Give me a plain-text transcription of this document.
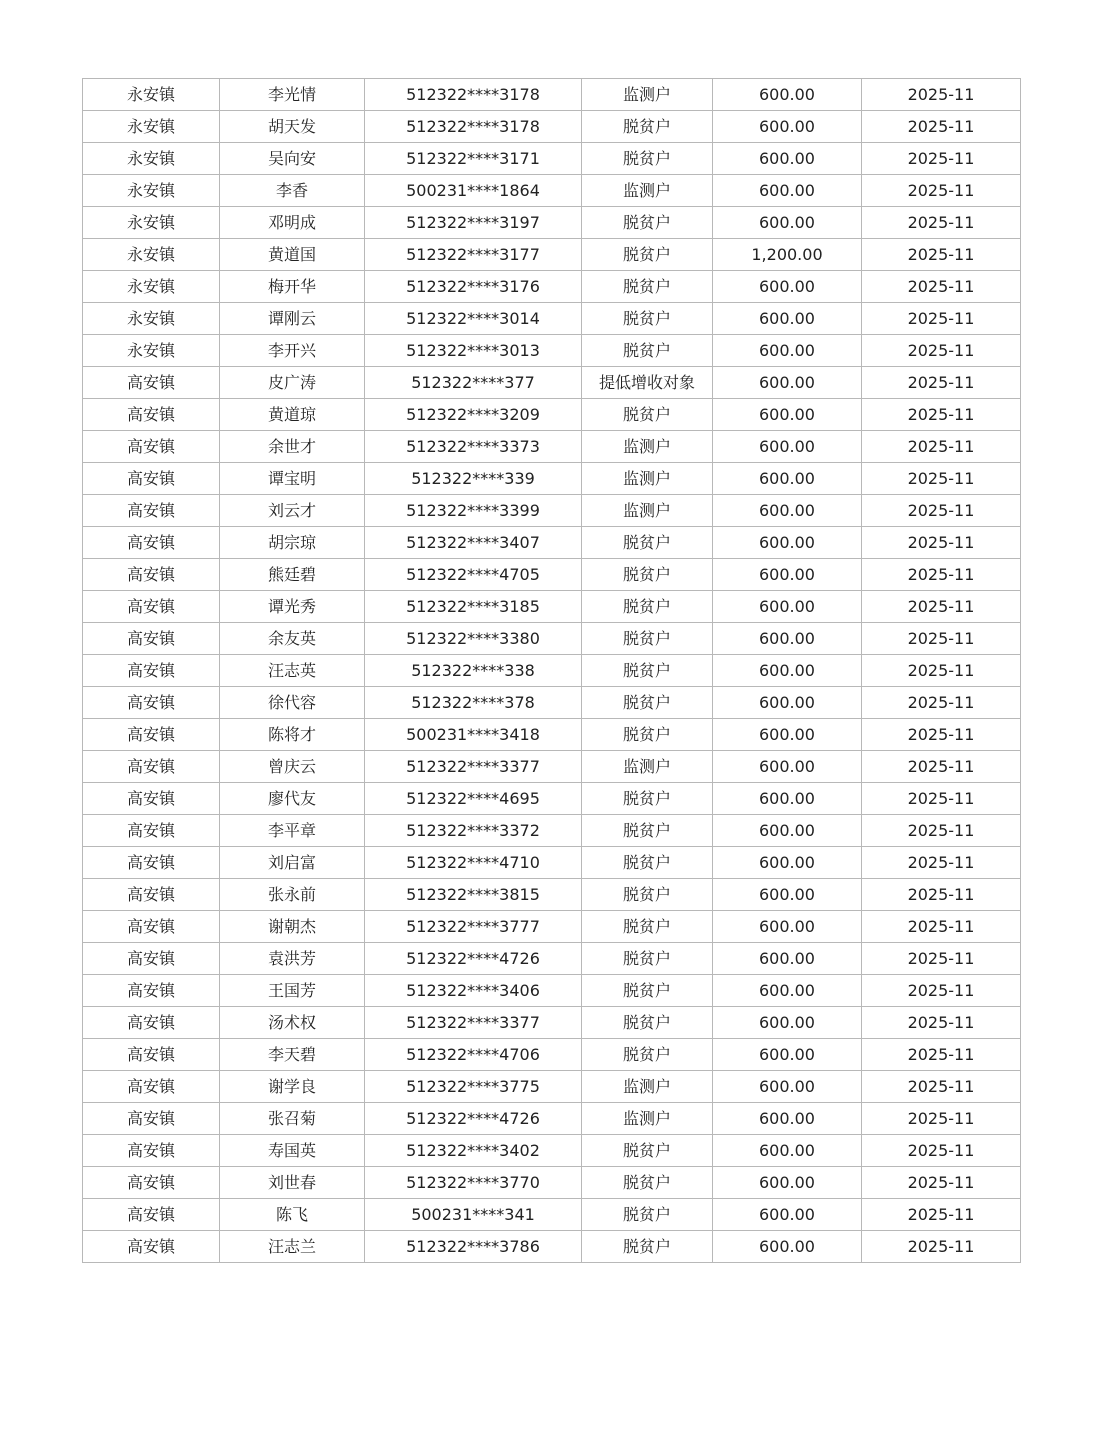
永安镇	李光情	512322****3178	监测户	600.00	2025-11
永安镇	胡天发	512322****3178	脱贫户	600.00	2025-11
永安镇	吴向安	512322****3171	脱贫户	600.00	2025-11
永安镇	李香	500231****1864	监测户	600.00	2025-11
永安镇	邓明成	512322****3197	脱贫户	600.00	2025-11
永安镇	黄道国	512322****3177	脱贫户	1,200.00	2025-11
永安镇	梅开华	512322****3176	脱贫户	600.00	2025-11
永安镇	谭刚云	512322****3014	脱贫户	600.00	2025-11
永安镇	李开兴	512322****3013	脱贫户	600.00	2025-11
高安镇	皮广涛	512322****377	提低增收对象	600.00	2025-11
高安镇	黄道琼	512322****3209	脱贫户	600.00	2025-11
高安镇	余世才	512322****3373	监测户	600.00	2025-11
高安镇	谭宝明	512322****339	监测户	600.00	2025-11
高安镇	刘云才	512322****3399	监测户	600.00	2025-11
高安镇	胡宗琼	512322****3407	脱贫户	600.00	2025-11
高安镇	熊廷碧	512322****4705	脱贫户	600.00	2025-11
高安镇	谭光秀	512322****3185	脱贫户	600.00	2025-11
高安镇	余友英	512322****3380	脱贫户	600.00	2025-11
高安镇	汪志英	512322****338	脱贫户	600.00	2025-11
高安镇	徐代容	512322****378	脱贫户	600.00	2025-11
高安镇	陈将才	500231****3418	脱贫户	600.00	2025-11
高安镇	曾庆云	512322****3377	监测户	600.00	2025-11
高安镇	廖代友	512322****4695	脱贫户	600.00	2025-11
高安镇	李平章	512322****3372	脱贫户	600.00	2025-11
高安镇	刘启富	512322****4710	脱贫户	600.00	2025-11
高安镇	张永前	512322****3815	脱贫户	600.00	2025-11
高安镇	谢朝杰	512322****3777	脱贫户	600.00	2025-11
高安镇	袁洪芳	512322****4726	脱贫户	600.00	2025-11
高安镇	王国芳	512322****3406	脱贫户	600.00	2025-11
高安镇	汤术权	512322****3377	脱贫户	600.00	2025-11
高安镇	李天碧	512322****4706	脱贫户	600.00	2025-11
高安镇	谢学良	512322****3775	监测户	600.00	2025-11
高安镇	张召菊	512322****4726	监测户	600.00	2025-11
高安镇	寿国英	512322****3402	脱贫户	600.00	2025-11
高安镇	刘世春	512322****3770	脱贫户	600.00	2025-11
高安镇	陈飞	500231****341	脱贫户	600.00	2025-11
高安镇	汪志兰	512322****3786	脱贫户	600.00	2025-11
